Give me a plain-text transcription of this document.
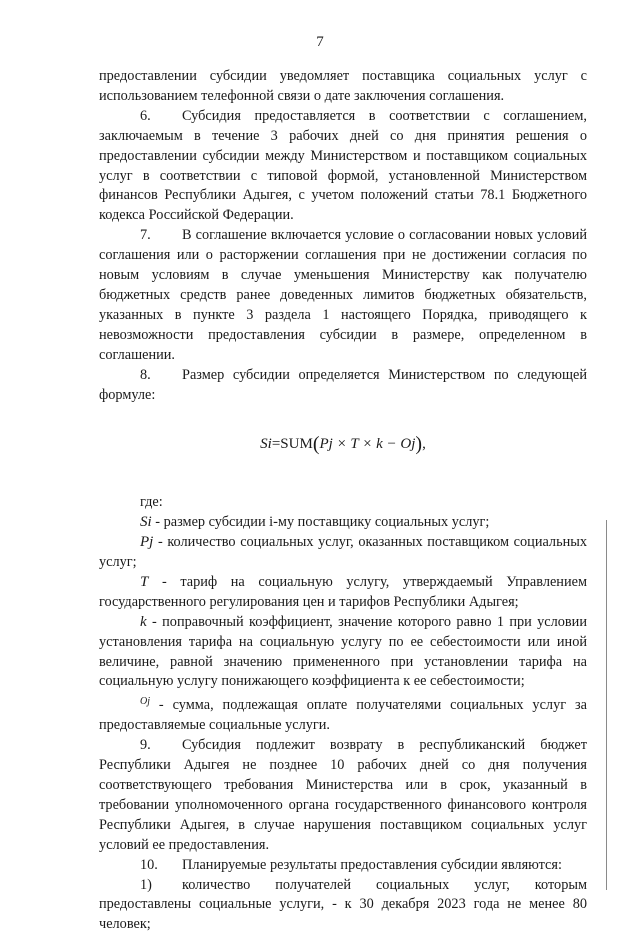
7

предоставлении субсидии уведомляет поставщика социальных услуг с использованием телефонной связи о дате заключения соглашения.

6. Субсидия предоставляется в соответствии с соглашением, заключаемым в течение 3 рабочих дней со дня принятия решения о предоставлении субсидии между Министерством и поставщиком социальных услуг в соответствии с типовой формой, установленной Министерством финансов Республики Адыгея, с учетом положений статьи 78.1 Бюджетного кодекса Российской Федерации.

7. В соглашение включается условие о согласовании новых условий соглашения или о расторжении соглашения при не достижении согласия по новым условиям в случае уменьшения Министерству как получателю бюджетных средств ранее доведенных лимитов бюджетных обязательств, указанных в пункте 3 раздела 1 настоящего Порядка, приводящего к невозможности предоставления субсидии в размере, определенном в соглашении.

8. Размер субсидии определяется Министерством по следующей формуле:

Si=SUM(Pj × T × k − Oj),

где:

Si - размер субсидии i-му поставщику социальных услуг;

Pj - количество социальных услуг, оказанных поставщиком социальных услуг;

T - тариф на социальную услугу, утверждаемый Управлением государственного регулирования цен и тарифов Республики Адыгея;

k - поправочный коэффициент, значение которого равно 1 при условии установления тарифа на социальную услугу по ее себестоимости или иной величине, равной значению примененного при установлении тарифа на социальную услугу понижающего коэффициента к ее себестоимости;

$^{Oj}$ - сумма, подлежащая оплате получателями социальных услуг за предоставляемые социальные услуги.

9. Субсидия подлежит возврату в республиканский бюджет Республики Адыгея не позднее 10 рабочих дней со дня получения соответствующего требования Министерства или в срок, указанный в требовании уполномоченного органа государственного финансового контроля Республики Адыгея, в случае нарушения поставщиком социальных услуг условий ее предоставления.

10. Планируемые результаты предоставления субсидии являются:

1) количество получателей социальных услуг, которым предоставлены социальные услуги, - к 30 декабря 2023 года не менее 80 человек;
